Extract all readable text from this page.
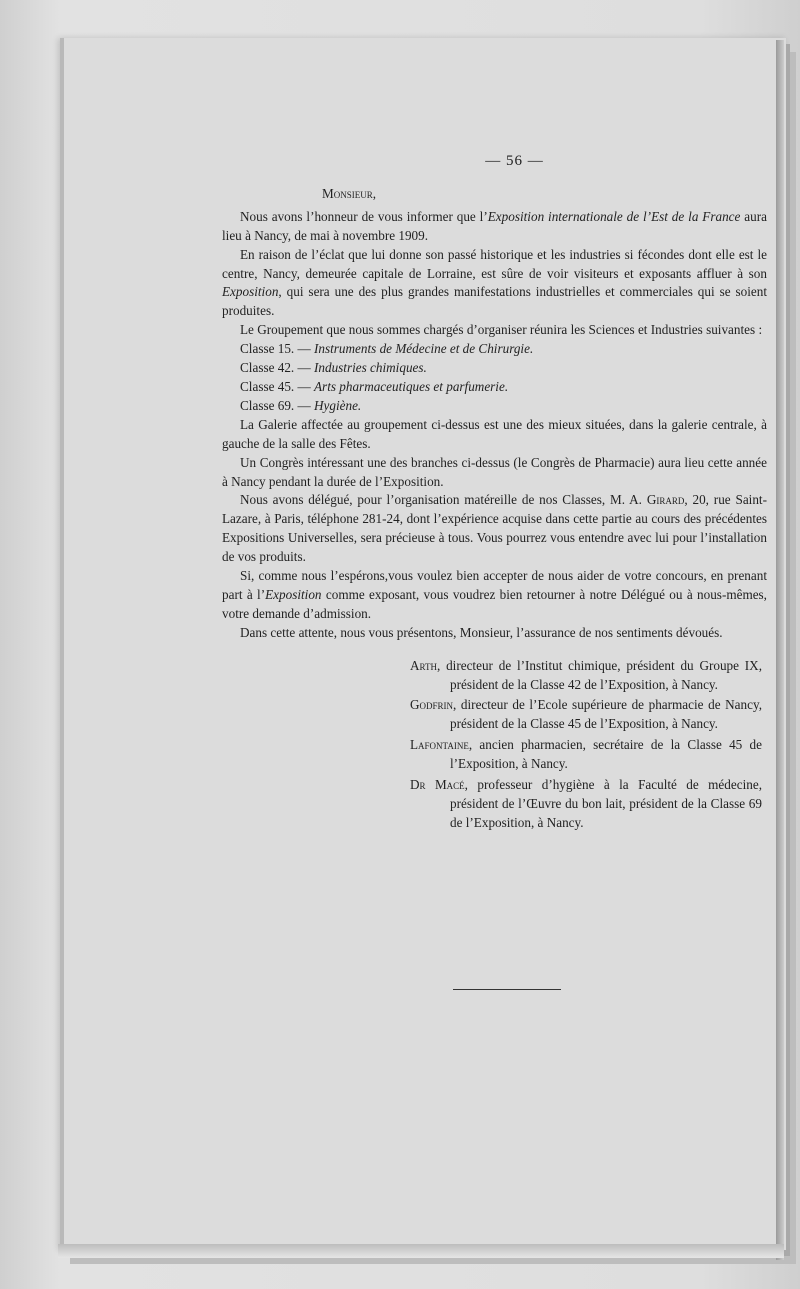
— 56 —
Monsieur,

Nous avons l’honneur de vous informer que l’Exposition internationale de l’Est de la France aura lieu à Nancy, de mai à novembre 1909.

En raison de l’éclat que lui donne son passé historique et les industries si fécondes dont elle est le centre, Nancy, demeurée capitale de Lorraine, est sûre de voir visiteurs et exposants affluer à son Exposition, qui sera une des plus grandes manifestations industrielles et commerciales qui se soient produites.

Le Groupement que nous sommes chargés d’organiser réunira les Sciences et Industries suivantes :

Classe 15. — Instruments de Médecine et de Chirurgie.
Classe 42. — Industries chimiques.
Classe 45. — Arts pharmaceutiques et parfumerie.
Classe 69. — Hygiène.

La Galerie affectée au groupement ci-dessus est une des mieux situées, dans la galerie centrale, à gauche de la salle des Fêtes.

Un Congrès intéressant une des branches ci-dessus (le Congrès de Pharmacie) aura lieu cette année à Nancy pendant la durée de l’Exposition.

Nous avons délégué, pour l’organisation matéreille de nos Classes, M. A. Girard, 20, rue Saint-Lazare, à Paris, téléphone 281-24, dont l’expérience acquise dans cette partie au cours des précédentes Expositions Universelles, sera précieuse à tous. Vous pourrez vous entendre avec lui pour l’installation de vos produits.

Si, comme nous l’espérons,vous voulez bien accepter de nous aider de votre concours, en prenant part à l’Exposition comme exposant, vous voudrez bien retourner à notre Délégué ou à nous-mêmes, votre demande d’admission.

Dans cette attente, nous vous présentons, Monsieur, l’assurance de nos sentiments dévoués.

Arth, directeur de l’Institut chimique, président du Groupe IX, président de la Classe 42 de l’Exposition, à Nancy.

Godfrin, directeur de l’Ecole supérieure de pharmacie de Nancy, président de la Classe 45 de l’Exposition, à Nancy.

Lafontaine, ancien pharmacien, secrétaire de la Classe 45 de l’Exposition, à Nancy.

Dr Macé, professeur d’hygiène à la Faculté de médecine, président de l’Œuvre du bon lait, président de la Classe 69 de l’Exposition, à Nancy.
